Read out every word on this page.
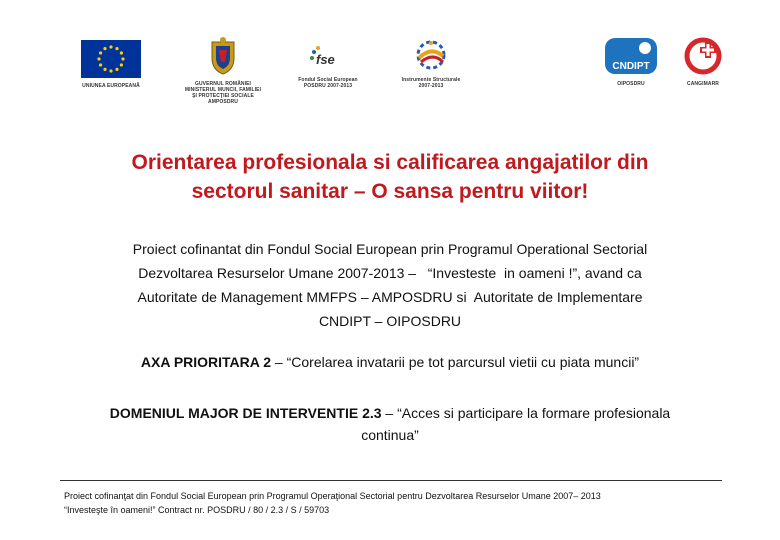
UNIUNEA EUROPEANĂ	GUVERNUL ROMÂNIEI MINISTERUL MUNCII, FAMILIEI ŞI PROTECŢIEI SOCIALE AMPOSDRU
fse
Fondul Social European POSDRU 2007-2013
Instrumente Structurale 2007-2013
CNDIPT
OIPOSDRU	CANGIMARR
Orientarea profesionala si calificarea angajatilor din
sectorul sanitar – O sansa pentru viitor!
Proiect cofinantat din Fondul Social European prin Programul Operational Sectorial
Dezvoltarea Resurselor Umane 2007-2013 –   “Investeste  in oameni !”, avand ca
Autoritate de Management MMFPS – AMPOSDRU si  Autoritate de Implementare
CNDIPT – OIPOSDRU
AXA PRIORITARA 2 – “Corelarea invatarii pe tot parcursul vietii cu piata muncii”
DOMENIUL MAJOR DE INTERVENTIE 2.3 – “Acces si participare la formare profesionala
continua”
Proiect cofinanţat din Fondul Social European prin Programul Operaţional Sectorial pentru Dezvoltarea Resurselor Umane 2007– 2013
“Investeşte în oameni!” Contract nr. POSDRU / 80 / 2.3 / S / 59703
